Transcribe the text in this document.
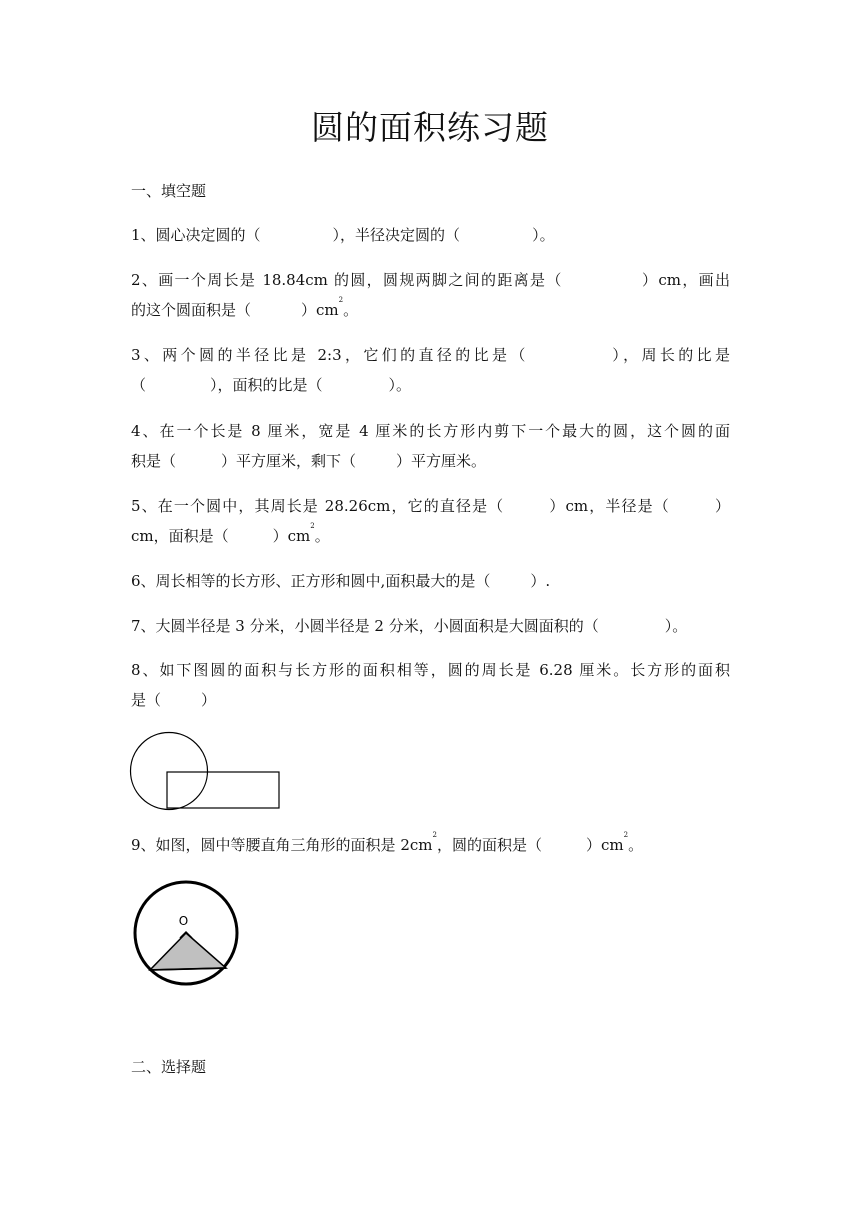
圆的面积练习题
一、填空题

1、圆心决定圆的（	），半径决定圆的（	）。

2、画一个周长是 18.84cm 的圆，圆规两脚之间的距离是（	）cm，画出

的这个圆面积是（	）$cm^2$。

3、两个圆的半径比是 2:3，它们的直径的比是（	），周长的比是

（	），面积的比是（	）。

4、在一个长是 8 厘米，宽是 4 厘米的长方形内剪下一个最大的圆，这个圆的面

积是（	）平方厘米，剩下（	）平方厘米。

5、在一个圆中，其周长是 28.26cm，它的直径是（	）cm，半径是（	）

cm，面积是（	）$cm^2$。

6、周长相等的长方形、正方形和圆中,面积最大的是（	）.

7、大圆半径是 3 分米，小圆半径是 2 分米，小圆面积是大圆面积的（	）。

8、如下图圆的面积与长方形的面积相等，圆的周长是 6.28 厘米。长方形的面积

是（	）

9、如图，圆中等腰直角三角形的面积是 $2cm^2$，圆的面积是（	）$cm^2$。

O
二、选择题
